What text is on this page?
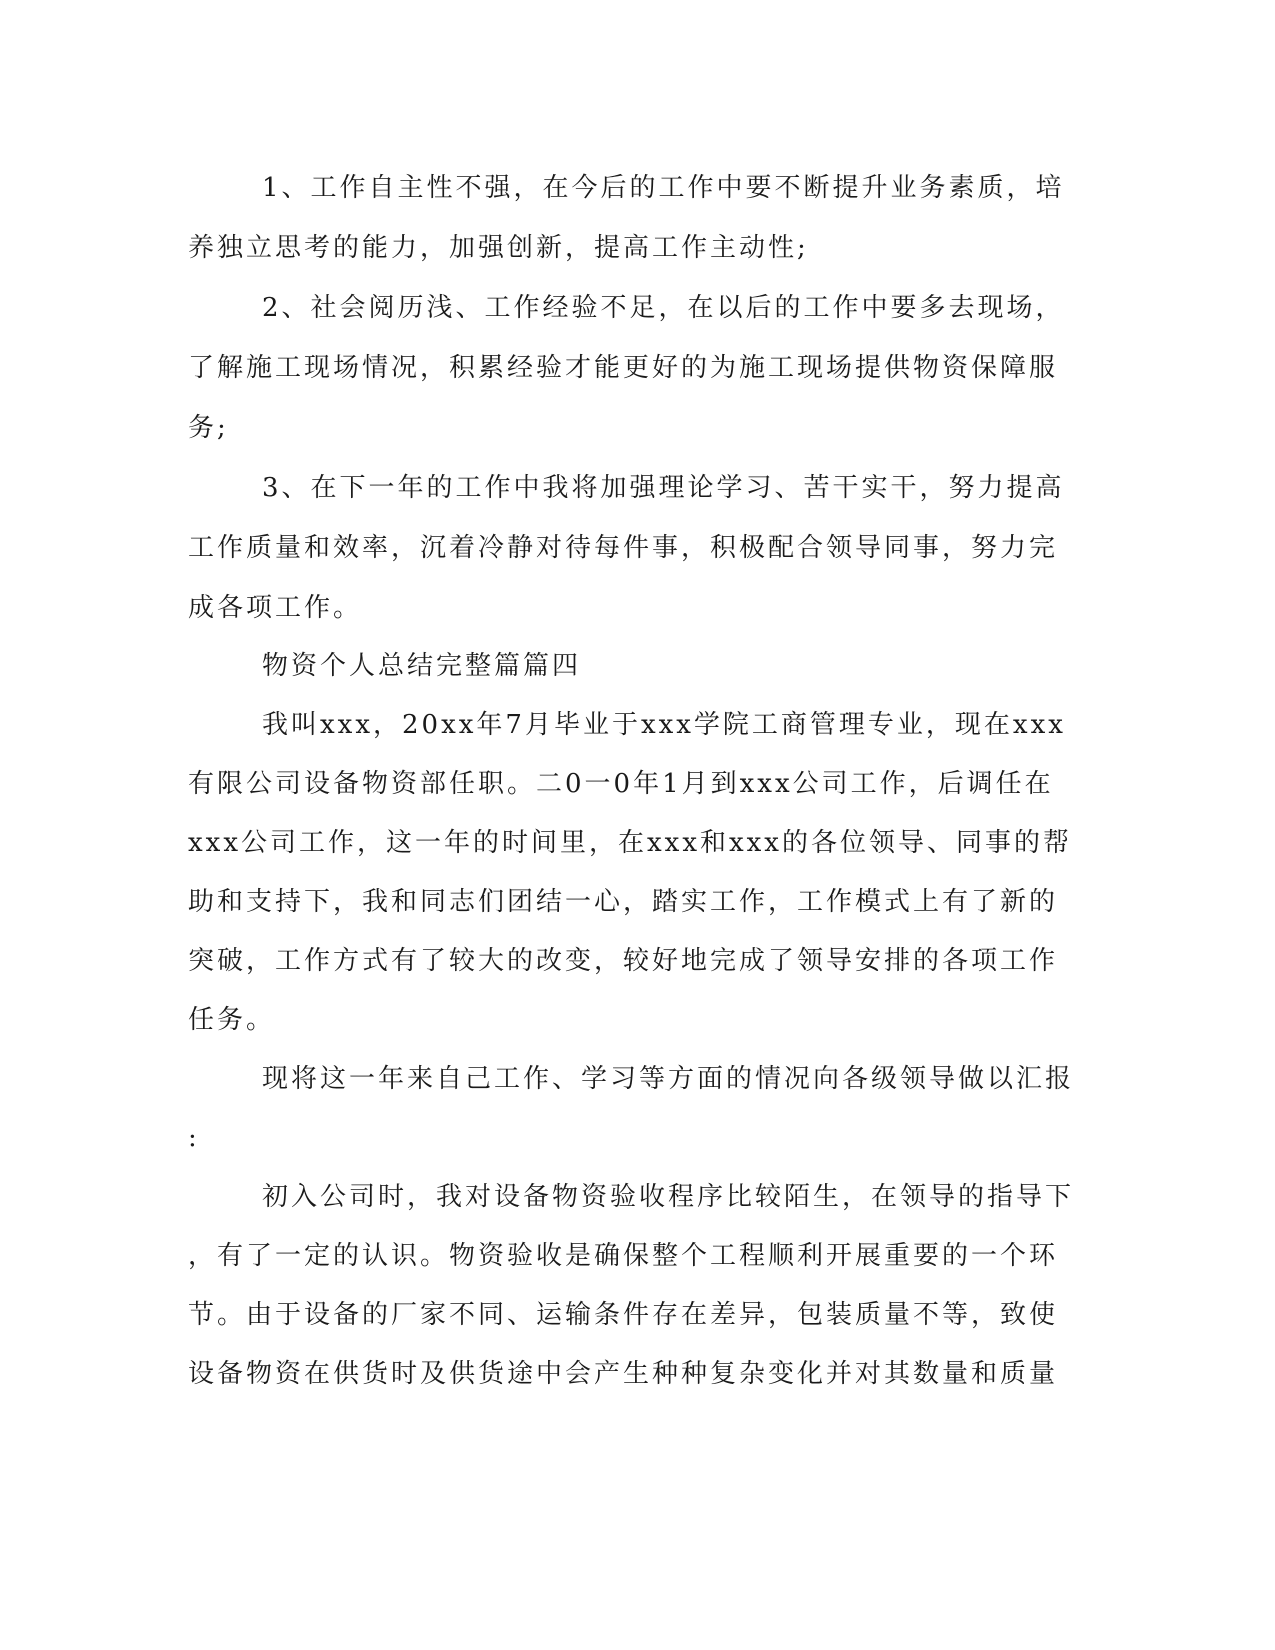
1、工作自主性不强，在今后的工作中要不断提升业务素质，培
养独立思考的能力，加强创新，提高工作主动性;
2、社会阅历浅、工作经验不足，在以后的工作中要多去现场，
了解施工现场情况，积累经验才能更好的为施工现场提供物资保障服
务;
3、在下一年的工作中我将加强理论学习、苦干实干，努力提高
工作质量和效率，沉着冷静对待每件事，积极配合领导同事，努力完
成各项工作。
物资个人总结完整篇篇四
我叫xxx，20xx年7月毕业于xxx学院工商管理专业，现在xxx
有限公司设备物资部任职。二0一0年1月到xxx公司工作，后调任在
xxx公司工作，这一年的时间里，在xxx和xxx的各位领导、同事的帮
助和支持下，我和同志们团结一心，踏实工作，工作模式上有了新的
突破，工作方式有了较大的改变，较好地完成了领导安排的各项工作
任务。
现将这一年来自己工作、学习等方面的情况向各级领导做以汇报
:
初入公司时，我对设备物资验收程序比较陌生，在领导的指导下
，有了一定的认识。物资验收是确保整个工程顺利开展重要的一个环
节。由于设备的厂家不同、运输条件存在差异，包装质量不等，致使
设备物资在供货时及供货途中会产生种种复杂变化并对其数量和质量
